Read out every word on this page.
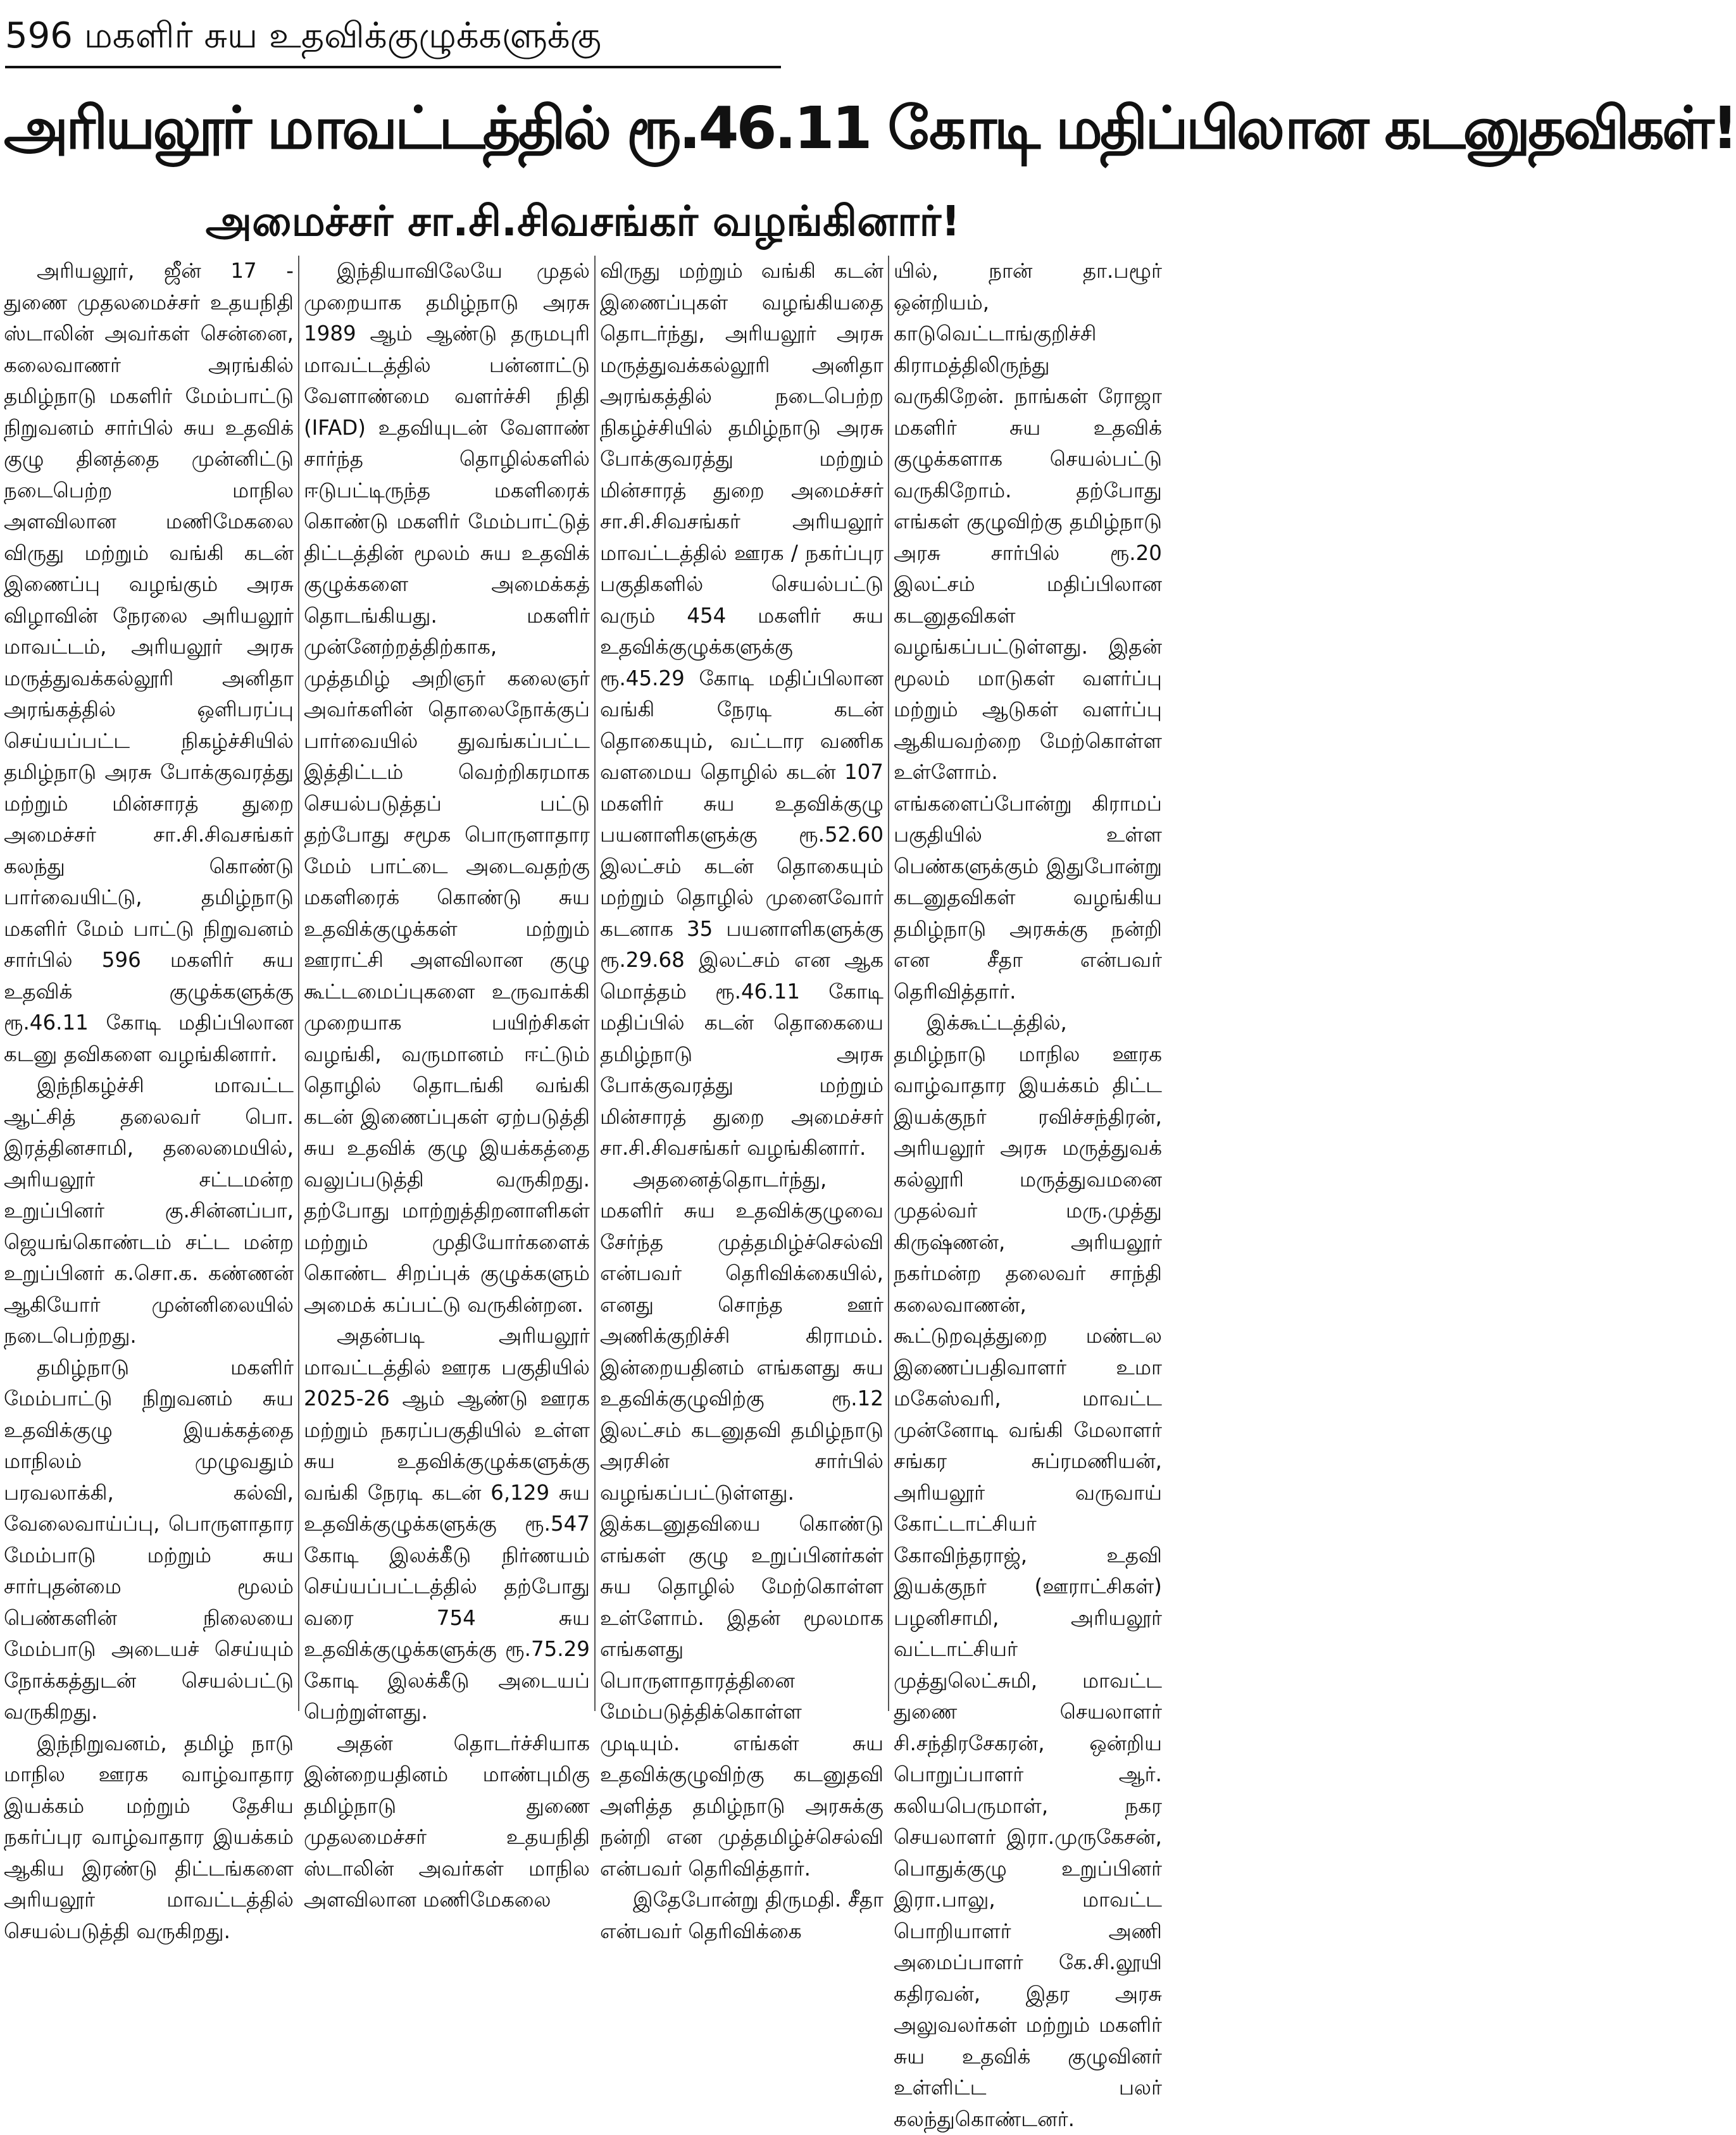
596 மகளிர் சுய உதவிக்குழுக்களுக்கு
அரியலூர் மாவட்டத்தில் ரூ.46.11 கோடி மதிப்பிலான கடனுதவிகள்!
அமைச்சர் சா.சி.சிவசங்கர் வழங்கினார்!

அரியலூர், ஜீன் 17 - துணை முதலமைச்சர் உதயநிதி ஸ்டாலின் அவர்கள் சென்னை, கலைவாணர் அரங்கில் தமிழ்நாடு மகளிர் மேம்பாட்டு நிறுவனம் சார்பில் சுய உதவிக் குழு தினத்தை முன்னிட்டு நடைபெற்ற மாநில அளவிலான மணிமேகலை விருது மற்றும் வங்கி கடன் இணைப்பு வழங்கும் அரசு விழாவின் நேரலை அரியலூர் மாவட்டம், அரியலூர் அரசு மருத்துவக்கல்லூரி அனிதா அரங்கத்தில் ஒளிபரப்பு செய்யப்பட்ட நிகழ்ச்சியில் தமிழ்நாடு அரசு போக்குவரத்து மற்றும் மின்சாரத் துறை அமைச்சர் சா.சி.சிவசங்கர் கலந்து கொண்டு பார்வையிட்டு, தமிழ்நாடு மகளிர் மேம் பாட்டு நிறுவனம் சார்பில் 596 மகளிர் சுய உதவிக் குழுக்களுக்கு ரூ.46.11 கோடி மதிப்பிலான கடனு தவிகளை வழங்கினார்.

இந்நிகழ்ச்சி மாவட்ட ஆட்சித் தலைவர் பொ. இரத்தினசாமி, தலைமையில், அரியலூர் சட்டமன்ற உறுப்பினர் கு.சின்னப்பா, ஜெயங்கொண்டம் சட்ட மன்ற உறுப்பினர் க.சொ.க. கண்ணன் ஆகியோர் முன்னிலையில் நடைபெற்றது.

தமிழ்நாடு மகளிர் மேம்பாட்டு நிறுவனம் சுய உதவிக்குழு இயக்கத்தை மாநிலம் முழுவதும் பரவலாக்கி, கல்வி, வேலைவாய்ப்பு, பொருளாதார மேம்பாடு மற்றும் சுய சார்புதன்மை மூலம் பெண்களின் நிலையை மேம்பாடு அடையச் செய்யும் நோக்கத்துடன் செயல்பட்டு வருகிறது.

இந்நிறுவனம், தமிழ் நாடு மாநில ஊரக வாழ்வாதார இயக்கம் மற்றும் தேசிய நகர்ப்புர வாழ்வாதார இயக்கம் ஆகிய இரண்டு திட்டங்களை அரியலூர் மாவட்டத்தில் செயல்படுத்தி வருகிறது.

இந்தியாவிலேயே முதல் முறையாக தமிழ்நாடு அரசு 1989 ஆம் ஆண்டு தருமபுரி மாவட்டத்தில் பன்னாட்டு வேளாண்மை வளர்ச்சி நிதி (IFAD) உதவியுடன் வேளாண் சார்ந்த தொழில்களில் ஈடுபட்டிருந்த மகளிரைக் கொண்டு மகளிர் மேம்பாட்டுத் திட்டத்தின் மூலம் சுய உதவிக் குழுக்களை அமைக்கத் தொடங்கியது. மகளிர் முன்னேற்றத்திற்காக, முத்தமிழ் அறிஞர் கலைஞர் அவர்களின் தொலைநோக்குப் பார்வையில் துவங்கப்பட்ட இத்திட்டம் வெற்றிகரமாக செயல்படுத்தப் பட்டு தற்போது சமூக பொருளாதார மேம் பாட்டை அடைவதற்கு மகளிரைக் கொண்டு சுய உதவிக்குழுக்கள் மற்றும் ஊராட்சி அளவிலான குழு கூட்டமைப்புகளை உருவாக்கி முறையாக பயிற்சிகள் வழங்கி, வருமானம் ஈட்டும் தொழில் தொடங்கி வங்கி கடன் இணைப்புகள் ஏற்படுத்தி சுய உதவிக் குழு இயக்கத்தை வலுப்படுத்தி வருகிறது. தற்போது மாற்றுத்திறனாளிகள் மற்றும் முதியோர்களைக் கொண்ட சிறப்புக் குழுக்களும் அமைக் கப்பட்டு வருகின்றன.

அதன்படி அரியலூர் மாவட்டத்தில் ஊரக பகுதியில் 2025-26 ஆம் ஆண்டு ஊரக மற்றும் நகரப்பகுதியில் உள்ள சுய உதவிக்குழுக்களுக்கு வங்கி நேரடி கடன் 6,129 சுய உதவிக்குழுக்களுக்கு ரூ.547 கோடி இலக்கீடு நிர்ணயம் செய்யப்பட்டத்தில் தற்போது வரை 754 சுய உதவிக்குழுக்களுக்கு ரூ.75.29 கோடி இலக்கீடு அடையப் பெற்றுள்ளது.

அதன் தொடர்ச்சியாக இன்றையதினம் மாண்புமிகு தமிழ்நாடு துணை முதலமைச்சர் உதயநிதி ஸ்டாலின் அவர்கள் மாநில அளவிலான மணிமேகலை

விருது மற்றும் வங்கி கடன் இணைப்புகள் வழங்கியதை தொடர்ந்து, அரியலூர் அரசு மருத்துவக்கல்லூரி அனிதா அரங்கத்தில் நடைபெற்ற நிகழ்ச்சியில் தமிழ்நாடு அரசு போக்குவரத்து மற்றும் மின்சாரத் துறை அமைச்சர் சா.சி.சிவசங்கர் அரியலூர் மாவட்டத்தில் ஊரக / நகர்ப்புர பகுதிகளில் செயல்பட்டு வரும் 454 மகளிர் சுய உதவிக்குழுக்களுக்கு ரூ.45.29 கோடி மதிப்பிலான வங்கி நேரடி கடன் தொகையும், வட்டார வணிக வளமைய தொழில் கடன் 107 மகளிர் சுய உதவிக்குழு பயனாளிகளுக்கு ரூ.52.60 இலட்சம் கடன் தொகையும் மற்றும் தொழில் முனைவோர் கடனாக 35 பயனாளிகளுக்கு ரூ.29.68 இலட்சம் என ஆக மொத்தம் ரூ.46.11 கோடி மதிப்பில் கடன் தொகையை தமிழ்நாடு அரசு போக்குவரத்து மற்றும் மின்சாரத் துறை அமைச்சர் சா.சி.சிவசங்கர் வழங்கினார்.

அதனைத்தொடர்ந்து, மகளிர் சுய உதவிக்குழுவை சேர்ந்த முத்தமிழ்ச்செல்வி என்பவர் தெரிவிக்கையில், எனது சொந்த ஊர் அணிக்குறிச்சி கிராமம். இன்றையதினம் எங்களது சுய உதவிக்குழுவிற்கு ரூ.12 இலட்சம் கடனுதவி தமிழ்நாடு அரசின் சார்பில் வழங்கப்பட்டுள்ளது. இக்கடனுதவியை கொண்டு எங்கள் குழு உறுப்பினர்கள் சுய தொழில் மேற்கொள்ள உள்ளோம். இதன் மூலமாக எங்களது பொருளாதாரத்தினை மேம்படுத்திக்கொள்ள முடியும். எங்கள் சுய உதவிக்குழுவிற்கு கடனுதவி அளித்த தமிழ்நாடு அரசுக்கு நன்றி என முத்தமிழ்ச்செல்வி என்பவர் தெரிவித்தார்.

இதேபோன்று திருமதி. சீதா என்பவர் தெரிவிக்கை

யில், நான் தா.பழூர் ஒன்றியம், காடுவெட்டாங்குறிச்சி கிராமத்திலிருந்து வருகிறேன். நாங்கள் ரோஜா மகளிர் சுய உதவிக் குழுக்களாக செயல்பட்டு வருகிறோம். தற்போது எங்கள் குழுவிற்கு தமிழ்நாடு அரசு சார்பில் ரூ.20 இலட்சம் மதிப்பிலான கடனுதவிகள் வழங்கப்பட்டுள்ளது. இதன் மூலம் மாடுகள் வளர்ப்பு மற்றும் ஆடுகள் வளர்ப்பு ஆகியவற்றை மேற்கொள்ள உள்ளோம். எங்களைப்போன்று கிராமப் பகுதியில் உள்ள பெண்களுக்கும் இதுபோன்று கடனுதவிகள் வழங்கிய தமிழ்நாடு அரசுக்கு நன்றி என சீதா என்பவர் தெரிவித்தார்.

இக்கூட்டத்தில், தமிழ்நாடு மாநில ஊரக வாழ்வாதார இயக்கம் திட்ட இயக்குநர் ரவிச்சந்திரன், அரியலூர் அரசு மருத்துவக் கல்லூரி மருத்துவமனை முதல்வர் மரு.முத்து கிருஷ்ணன், அரியலூர் நகர்மன்ற தலைவர் சாந்தி கலைவாணன், கூட்டுறவுத்துறை மண்டல இணைப்பதிவாளர் உமா மகேஸ்வரி, மாவட்ட முன்னோடி வங்கி மேலாளர் சங்கர சுப்ரமணியன், அரியலூர் வருவாய் கோட்டாட்சியர் கோவிந்தராஜ், உதவி இயக்குநர் (ஊராட்சிகள்) பழனிசாமி, அரியலூர் வட்டாட்சியர் முத்துலெட்சுமி, மாவட்ட துணை செயலாளர் சி.சந்திரசேகரன், ஒன்றிய பொறுப்பாளர் ஆர். கலியபெருமாள், நகர செயலாளர் இரா.முருகேசன், பொதுக்குழு உறுப்பினர் இரா.பாலு, மாவட்ட பொறியாளர் அணி அமைப்பாளர் கே.சி.லூயி கதிரவன், இதர அரசு அலுவலர்கள் மற்றும் மகளிர் சுய உதவிக் குழுவினர் உள்ளிட்ட பலர் கலந்துகொண்டனர்.
